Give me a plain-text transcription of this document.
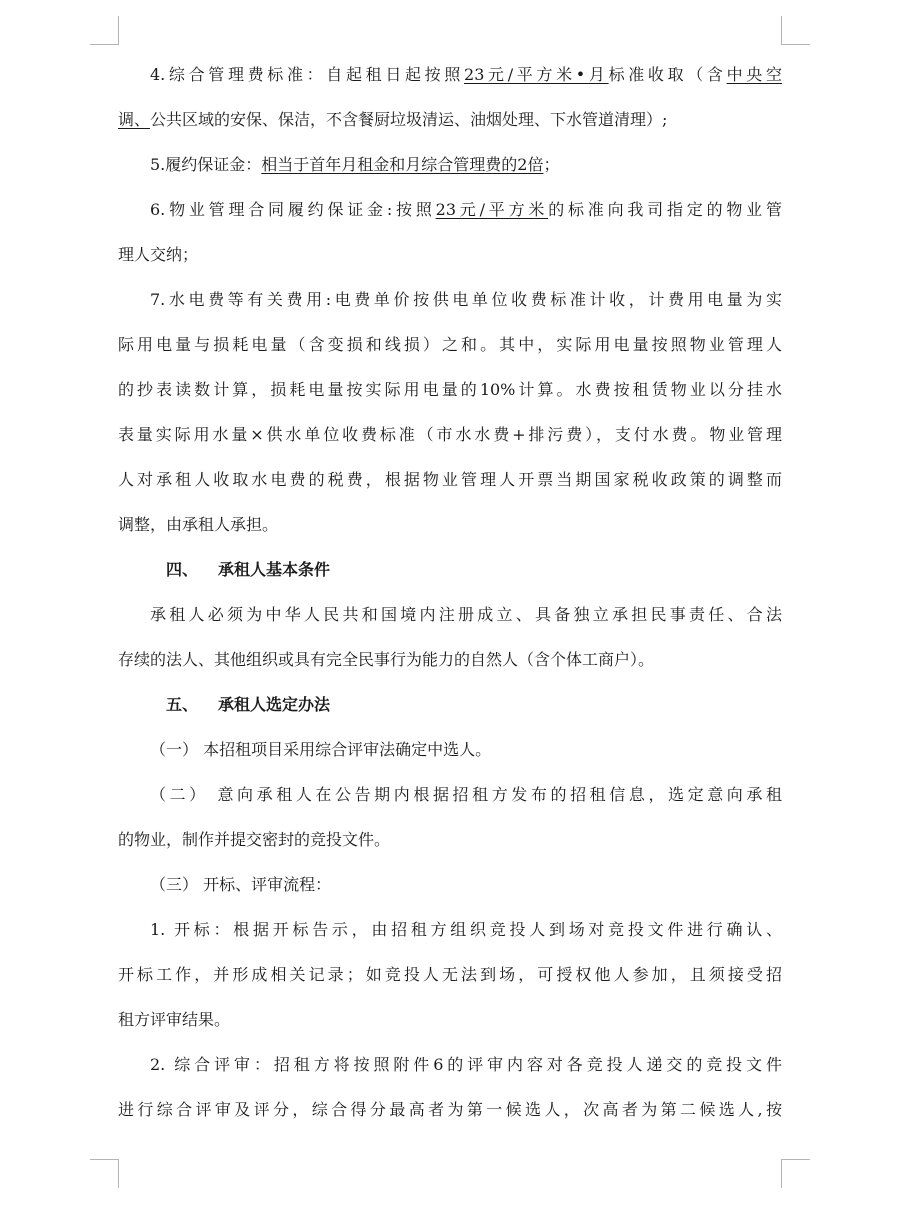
4.综合管理费标准：自起租日起按照23元/平方米•月标准收取（含中央空
调、公共区域的安保、保洁，不含餐厨垃圾清运、油烟处理、下水管道清理）;
5.履约保证金：相当于首年月租金和月综合管理费的2倍；
6.物业管理合同履约保证金:按照23元/平方米的标准向我司指定的物业管
理人交纳；
7.水电费等有关费用:电费单价按供电单位收费标准计收，计费用电量为实
际用电量与损耗电量（含变损和线损）之和。其中，实际用电量按照物业管理人
的抄表读数计算，损耗电量按实际用电量的10%计算。水费按租赁物业以分挂水
表量实际用水量×供水单位收费标准（市水水费+排污费），支付水费。物业管理
人对承租人收取水电费的税费，根据物业管理人开票当期国家税收政策的调整而
调整，由承租人承担。
四、 承租人基本条件
承租人必须为中华人民共和国境内注册成立、具备独立承担民事责任、合法
存续的法人、其他组织或具有完全民事行为能力的自然人（含个体工商户）。
五、 承租人选定办法
（一） 本招租项目采用综合评审法确定中选人。
（二） 意向承租人在公告期内根据招租方发布的招租信息，选定意向承租
的物业，制作并提交密封的竞投文件。
（三） 开标、评审流程：
1. 开标：根据开标告示，由招租方组织竞投人到场对竞投文件进行确认、
开标工作，并形成相关记录；如竞投人无法到场，可授权他人参加，且须接受招
租方评审结果。
2. 综合评审：招租方将按照附件6的评审内容对各竞投人递交的竞投文件
进行综合评审及评分，综合得分最高者为第一候选人，次高者为第二候选人,按
